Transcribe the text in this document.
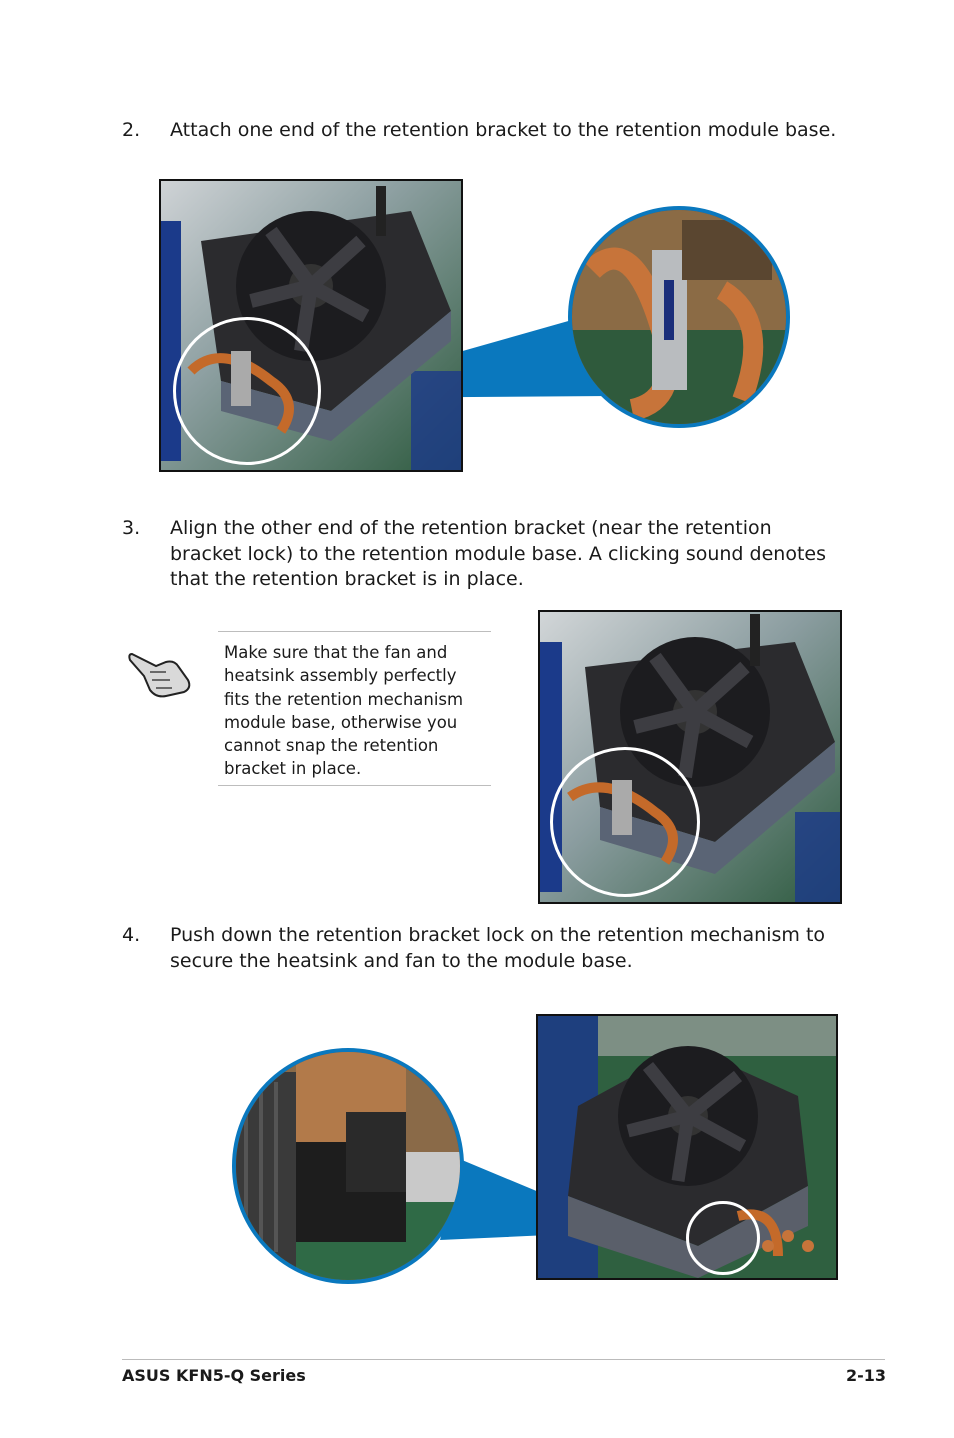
2. Attach one end of the retention bracket to the retention module base.
3. Align the other end of the retention bracket (near the retention bracket lock) to the retention module base. A clicking sound denotes that the retention bracket is in place.
Make sure that the fan and heatsink assembly perfectly fits the retention mechanism module base, otherwise you cannot snap the retention bracket in place.
4. Push down the retention bracket lock on the retention mechanism to secure the heatsink and fan to the module base.
ASUS KFN5-Q Series	2-13
